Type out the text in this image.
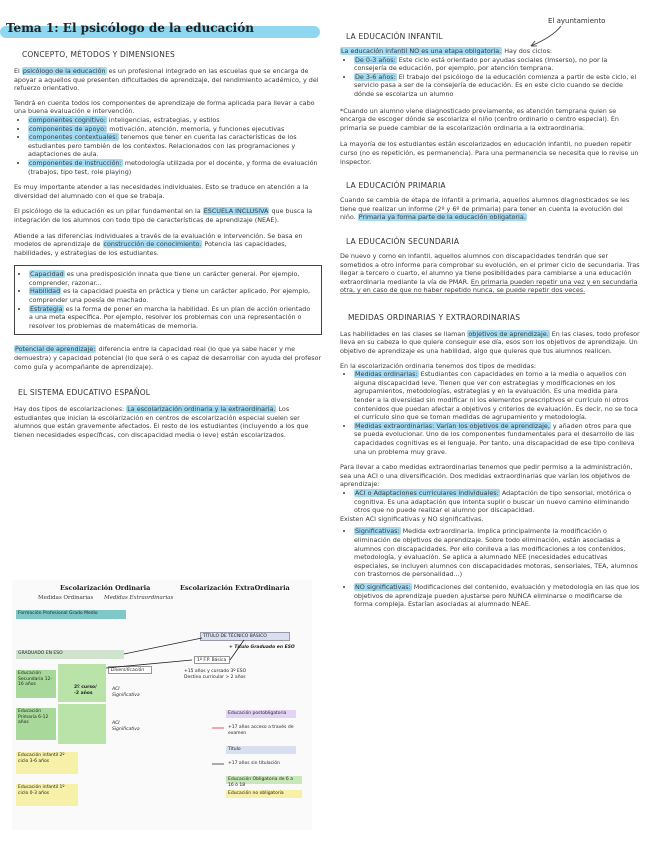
Tema 1: El psicólogo de la educación	El ayuntamiento
CONCEPTO, MÉTODOS Y DIMENSIONES

El psicólogo de la educación es un profesional integrado en las escuelas que se encarga de apoyar a aquellos que presenten dificultades de aprendizaje, del rendimiento académico, y del refuerzo orientativo.

Tendrá en cuenta todos los componentes de aprendizaje de forma aplicada para llevar a cabo una buena evaluación e intervención.

• componentes cognitivo: inteligencias, estrategias, y estilos
• componentes de apoyo: motivación, atención, memoria, y funciones ejecutivas
• componentes contextuales: tenemos que tener en cuenta las características de los estudiantes pero también de los contextos. Relacionados con las programaciones y adaptaciones de aula.
• componentes de instrucción: metodología utilizada por el docente, y forma de evaluación (trabajos, tipo test, role playing)

Es muy importante atender a las necesidades individuales. Esto se traduce en atención a la diversidad del alumnado con el que se trabaja.

El psicólogo de la educación es un pilar fundamental en la ESCUELA INCLUSIVA que busca la integración de los alumnos con todo tipo de características de aprendizaje (NEAE).

Atiende a las diferencias individuales a través de la evaluación e intervención. Se basa en modelos de aprendizaje de construcción de conocimiento. Potencia las capacidades, habilidades, y estrategias de los estudiantes.

• Capacidad es una predisposición innata que tiene un carácter general. Por ejemplo, comprender, razonar...
• Habilidad es la capacidad puesta en práctica y tiene un carácter aplicado. Por ejemplo, comprender una poesía de machado.
• Estrategia es la forma de poner en marcha la habilidad. Es un plan de acción orientado a una meta específica. Por ejemplo, resolver los problemas con una representación o resolver los problemas de matemáticas de memoria.

Potencial de aprendizaje: diferencia entre la capacidad real (lo que ya sabe hacer y me demuestra) y capacidad potencial (lo que será o es capaz de desarrollar con ayuda del profesor como guía y acompañante de aprendizaje).

EL SISTEMA EDUCATIVO ESPAÑOL

Hay dos tipos de escolarizaciones: La escolarización ordinaria y la extraordinaria. Los estudiantes que inician la escolarización en centros de escolarización especial suelen ser alumnos que están gravemente afectados. El resto de los estudiantes (incluyendo a los que tienen necesidades específicas, con discapacidad media o leve) están escolarizados.

Escolarización Ordinaria	Escolarización ExtraOrdinaria
Medidas Ordinarias Medidas Extraordinarias
Formación Profesional Grado Medio
TÍTULO DE TÉCNICO BÁSICO
GRADUADO EN ESO
+ Título Graduado en ESO
1º F.P. Básica
Diversificación	+15 años y cursado 3º ESO Destino curricular > 2 años
ACI Significativa
Educación Secundaria 12-16 años
2º curso/ -2 años
Educación Primaria 6-12 años	ACI Significativa
Educación infantil 2º ciclo 3-6 años
Educación infantil 1º ciclo 0-3 años
Educación postobligatoria
+17 años acceso a través de examen
Título
+17 años sin titulación
Educación Obligatoria de 6 a 16 ó 18
Educación no obligatoria
LA EDUCACIÓN INFANTIL

La educación infantil NO es una etapa obligatoria. Hay dos ciclos:

• De 0-3 años: Este ciclo está orientado por ayudas sociales (Imserso), no por la consejería de educación, por ejemplo, por atención temprana.
• De 3-6 años: El trabajo del psicólogo de la educación comienza a partir de este ciclo, el servicio pasa a ser de la consejería de educación. Es en este ciclo cuando se decide dónde se escolariza un alumno

*Cuando un alumno viene diagnosticado previamente, es atención temprana quien se encarga de escoger dónde se escolariza el niño (centro ordinario o centro especial). En primaria se puede cambiar de la escolarización ordinaria a la extraordinaria.

La mayoría de los estudiantes están escolarizados en educación infantil, no pueden repetir curso (no es repetición, es permanencia). Para una permanencia se necesita que lo revise un inspector.

LA EDUCACIÓN PRIMARIA

Cuando se cambia de etapa de infantil a primaria, aquellos alumnos diagnosticados se les tiene que realizar un informe (2º y 6º de primaria) para tener en cuenta la evolución del niño. Primaria ya forma parte de la educación obligatoria.

LA EDUCACIÓN SECUNDARIA

De nuevo y como en infantil, aquellos alumnos con discapacidades tendrán que ser sometidos a otro informe para comprobar su evolución, en el primer ciclo de secundaria. Tras llegar a tercero o cuarto, el alumno ya tiene posibilidades para cambiarse a una educación extraordinaria mediante la vía de PMAR. En primaria pueden repetir una vez y en secundaria otra, y en caso de que no haber repetido nunca, se puede repetir dos veces.

MEDIDAS ORDINARIAS Y EXTRAORDINARIAS

Las habilidades en las clases se llaman objetivos de aprendizaje. En las clases, todo profesor lleva en su cabeza lo que quiere conseguir ese día, esos son los objetivos de aprendizaje. Un objetivo de aprendizaje es una habilidad, algo que quieres que tus alumnos realicen.

En la escolarización ordinaria tenemos dos tipos de medidas:

• Medidas ordinarias: Estudiantes con capacidades en torno a la media o aquellos con alguna discapacidad leve. Tienen que ver con estrategias y modificaciones en los agrupamientos, metodologías, estrategias y en la evaluación. Es una medida para tender a la diversidad sin modificar ni los elementos prescriptivos el currículo ni otros contenidos que puedan afectar a objetivos y criterios de evaluación. Es decir, no se toca el currículo sino que se toman medidas de agrupamiento y metodología.
• Medidas extraordinarias: Varían los objetivos de aprendizaje, y añaden otros para que se pueda evolucionar. Uno de los componentes fundamentales para el desarrollo de las capacidades cognitivas es el lenguaje. Por tanto, una discapacidad de ese tipo conlleva una un problema muy grave.

Para llevar a cabo medidas extraordinarias tenemos que pedir permiso a la administración, sea una ACI o una diversificación. Dos medidas extraordinarias que varían los objetivos de aprendizaje:

• ACI o Adaptaciones curriculares individuales: Adaptación de tipo sensorial, motórica o cognitiva. Es una adaptación que intenta suplir o buscar un nuevo camino eliminando otros que no puede realizar el alumno por discapacidad.

Existen ACI significativas y NO significativas.

• Significativas: Medida extraordinaria. Implica principalmente la modificación o eliminación de objetivos de aprendizaje. Sobre todo eliminación, están asociadas a alumnos con discapacidades. Por ello conlleva a las modificaciones a los contenidos, metodología, y evaluación. Se aplica a alumnado NEE (necesidades educativas especiales, se incluyen alumnos con discapacidades motoras, sensoriales, TEA, alumnos con trastornos de personalidad...)
• NO significativas: Modificaciones del contenido, evaluación y metodología en las que los objetivos de aprendizaje pueden ajustarse pero NUNCA eliminarse o modificarse de forma compleja. Estarían asociadas al alumnado NEAE.
